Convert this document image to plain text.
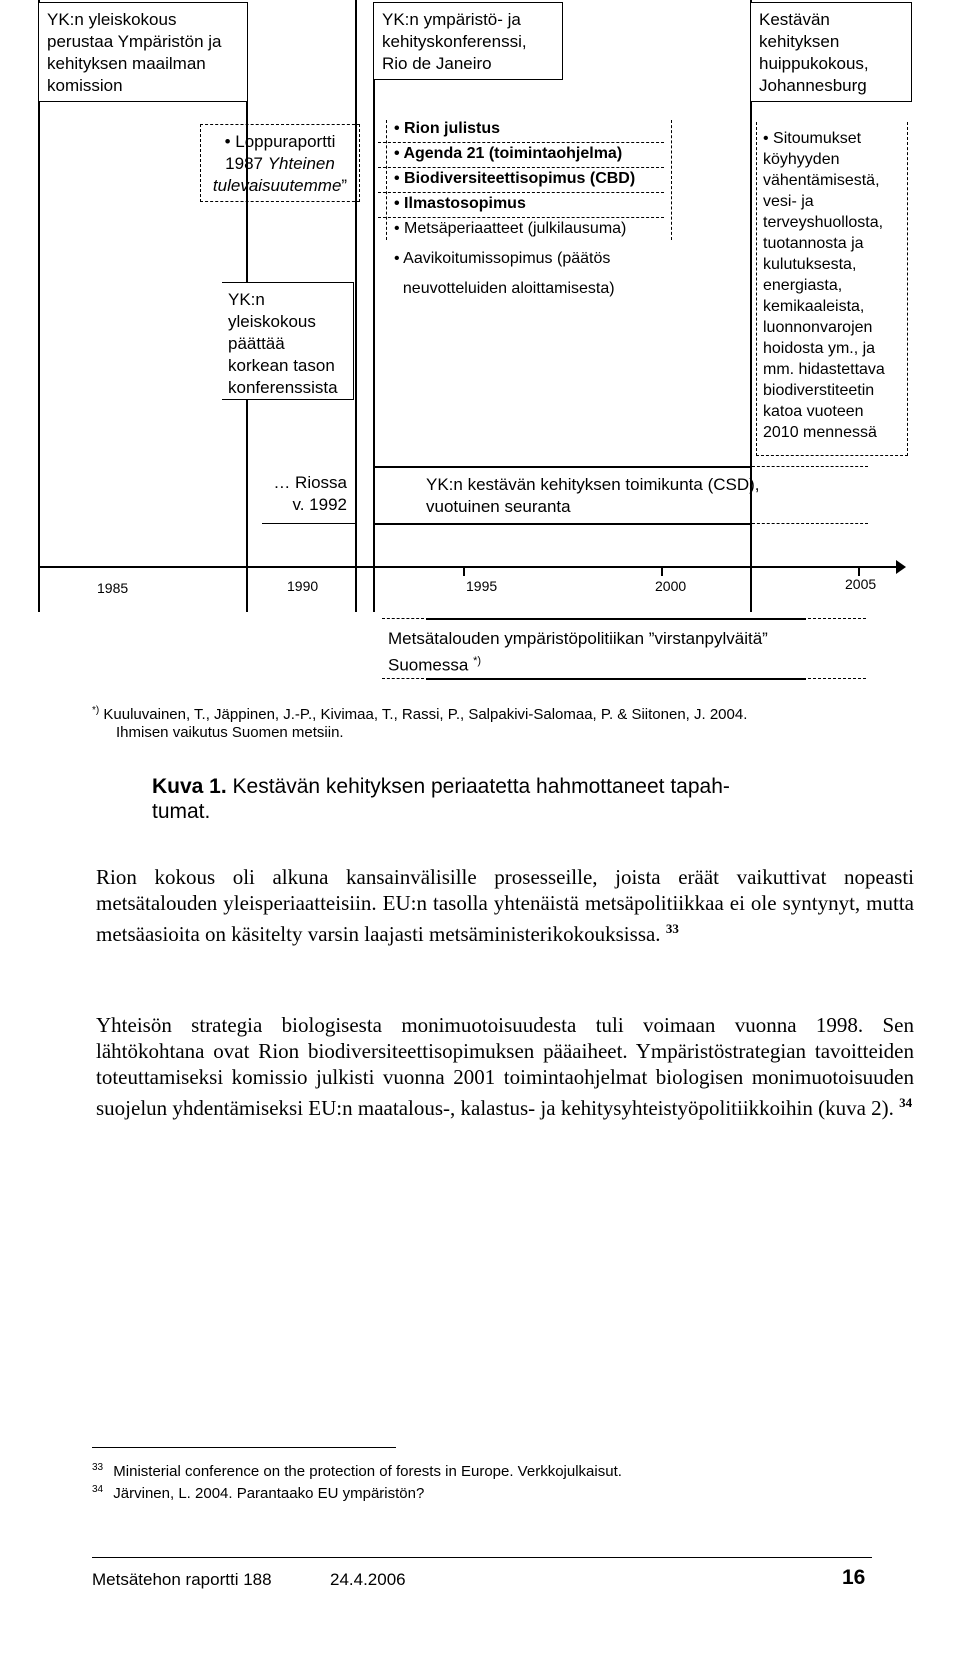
YK:n yleiskokous perustaa Ympäristön ja kehityksen maailman komission
YK:n ympäristö- ja kehityskonferenssi, Rio de Janeiro
Kestävän kehityksen huippukokous, Johannesburg
• Loppuraportti 1987 Yhteinen tulevaisuutemme”
YK:n yleiskokous päättää korkean tason konferenssista
• Rion julistus
• Agenda 21 (toimintaohjelma)
• Biodiversiteettisopimus (CBD)
• Ilmastosopimus
• Metsäperiaatteet (julkilausuma)
• Aavikoitumissopimus (päätös
neuvotteluiden aloittamisesta)
• Sitoumukset köyhyyden vähentämisestä, vesi- ja terveyshuollosta, tuotannosta ja kulutuksesta, energiasta, kemikaaleista, luonnonvarojen hoidosta ym., ja mm. hidastettava biodiverstiteetin katoa vuoteen 2010 mennessä
… Riossa v. 1992
YK:n kestävän kehityksen toimikunta (CSD), vuotuinen seuranta
1985	1990	1995	2000	2005
Metsätalouden ympäristöpolitiikan ”virstanpylväitä”
Suomessa *)
*) Kuuluvainen, T., Jäppinen, J.-P., Kivimaa, T., Rassi, P., Salpakivi-Salomaa, P. & Siitonen, J. 2004.
Ihmisen vaikutus Suomen metsiin.
Kuva 1. Kestävän kehityksen periaatetta hahmottaneet tapah-
tumat.
Rion kokous oli alkuna kansainvälisille prosesseille, joista eräät vaikuttivat nopeasti metsätalouden yleisperiaatteisiin. EU:n tasolla yhtenäistä metsäpolitiikkaa ei ole syntynyt, mutta metsäasioita on käsitelty varsin laajasti metsäministerikokouksissa. $^{33}$
Yhteisön strategia biologisesta monimuotoisuudesta tuli voimaan vuonna 1998. Sen lähtökohtana ovat Rion biodiversiteettisopimuksen pääaiheet. Ympäristöstrategian tavoitteiden toteuttamiseksi komissio julkisti vuonna 2001 toimintaohjelmat biologisen monimuotoisuuden suojelun yhdentämiseksi EU:n maatalous-, kalastus- ja kehitysyhteistyöpolitiikkoihin (kuva 2). $^{34}$
$^{33}$ Ministerial conference on the protection of forests in Europe. Verkkojulkaisut.
$^{34}$ Järvinen, L. 2004. Parantaako EU ympäristön?
Metsätehon raportti 188	24.4.2006	16
